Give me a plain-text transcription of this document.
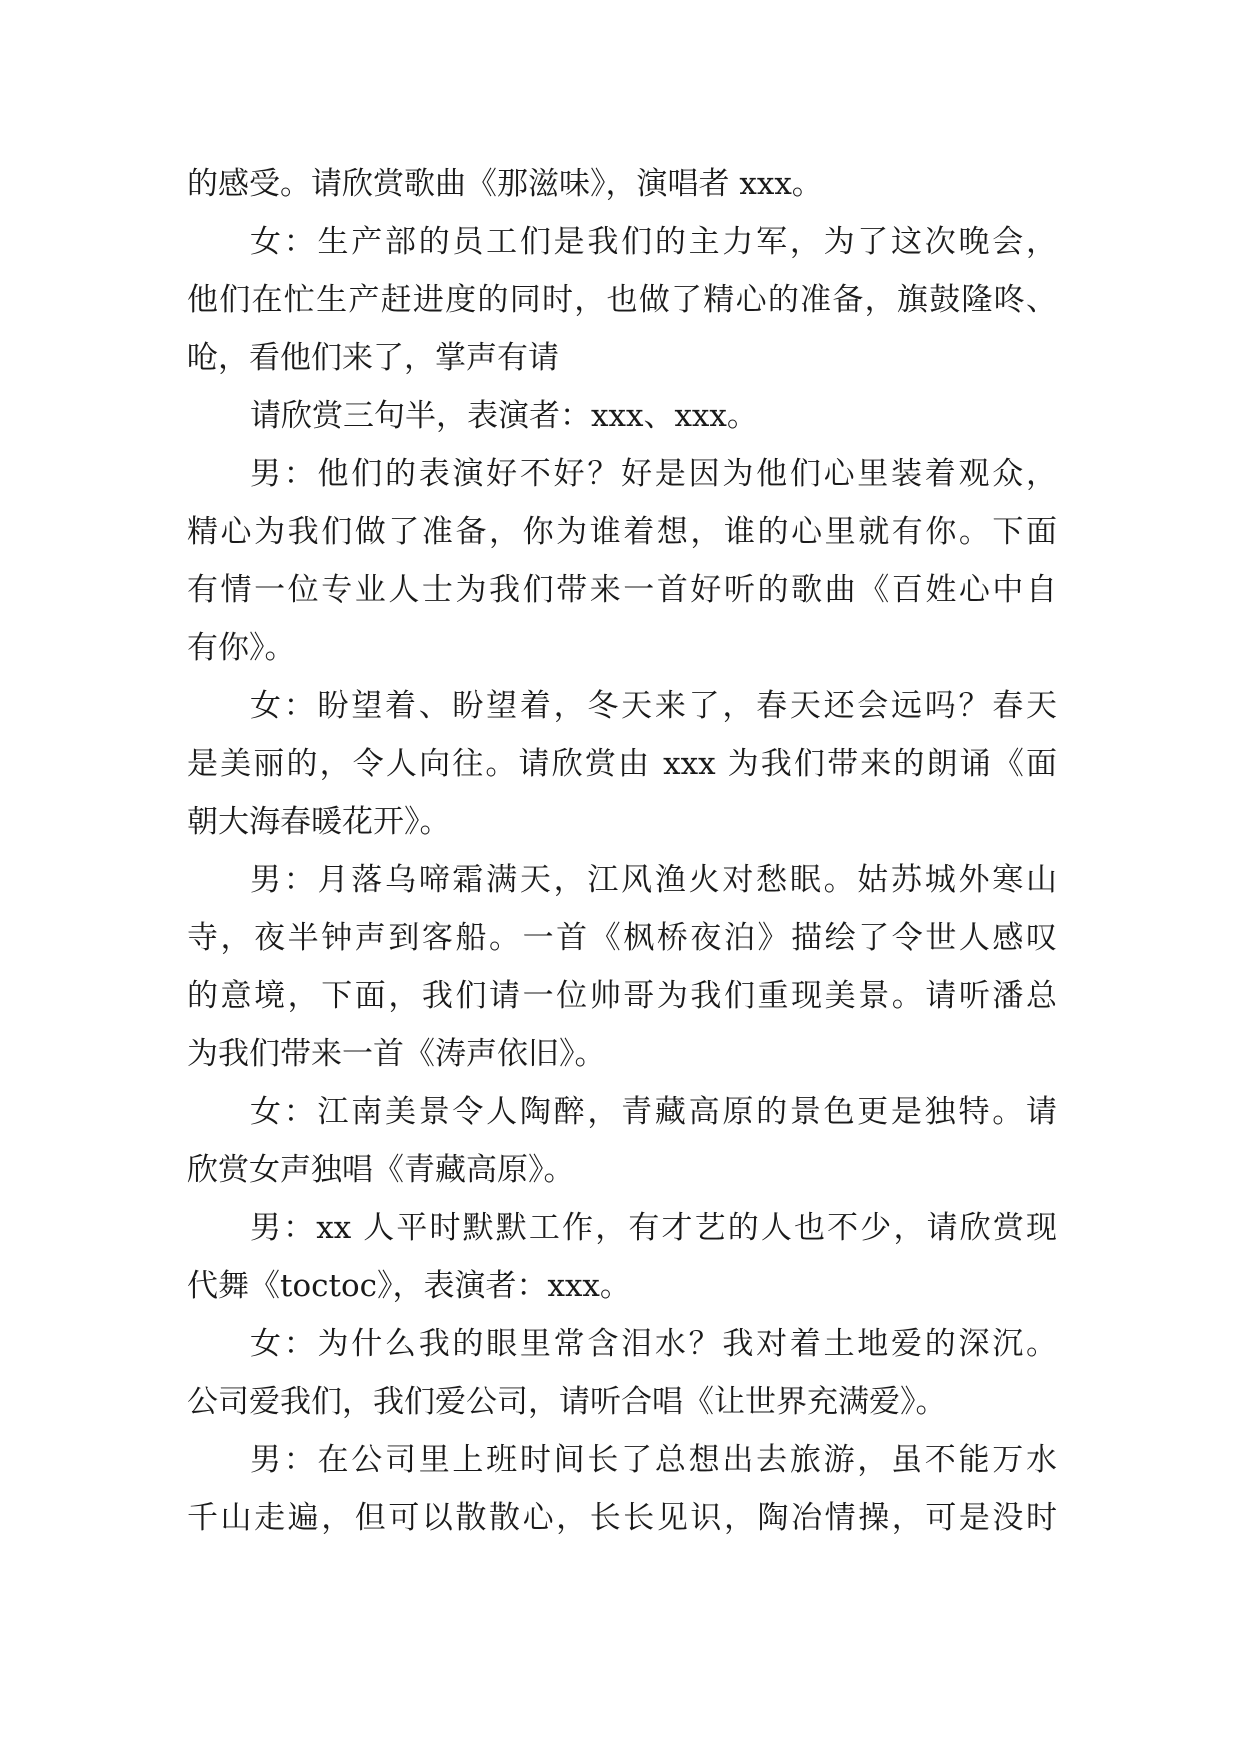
的感受。请欣赏歌曲《那滋味》，演唱者 xxx。
女：生产部的员工们是我们的主力军，为了这次晚会，
他们在忙生产赶进度的同时，也做了精心的准备，旗鼓隆咚、
呛，看他们来了，掌声有请
请欣赏三句半，表演者：xxx、xxx。
男：他们的表演好不好？好是因为他们心里装着观众，
精心为我们做了准备，你为谁着想，谁的心里就有你。下面
有情一位专业人士为我们带来一首好听的歌曲《百姓心中自
有你》。
女：盼望着、盼望着，冬天来了，春天还会远吗？春天
是美丽的，令人向往。请欣赏由 xxx 为我们带来的朗诵《面
朝大海春暖花开》。
男：月落乌啼霜满天，江风渔火对愁眠。姑苏城外寒山
寺，夜半钟声到客船。一首《枫桥夜泊》描绘了令世人感叹
的意境，下面，我们请一位帅哥为我们重现美景。请听潘总
为我们带来一首《涛声依旧》。
女：江南美景令人陶醉，青藏高原的景色更是独特。请
欣赏女声独唱《青藏高原》。
男：xx 人平时默默工作，有才艺的人也不少，请欣赏现
代舞《toctoc》，表演者：xxx。
女：为什么我的眼里常含泪水？我对着土地爱的深沉。
公司爱我们，我们爱公司，请听合唱《让世界充满爱》。
男：在公司里上班时间长了总想出去旅游，虽不能万水
千山走遍，但可以散散心，长长见识，陶冶情操，可是没时
